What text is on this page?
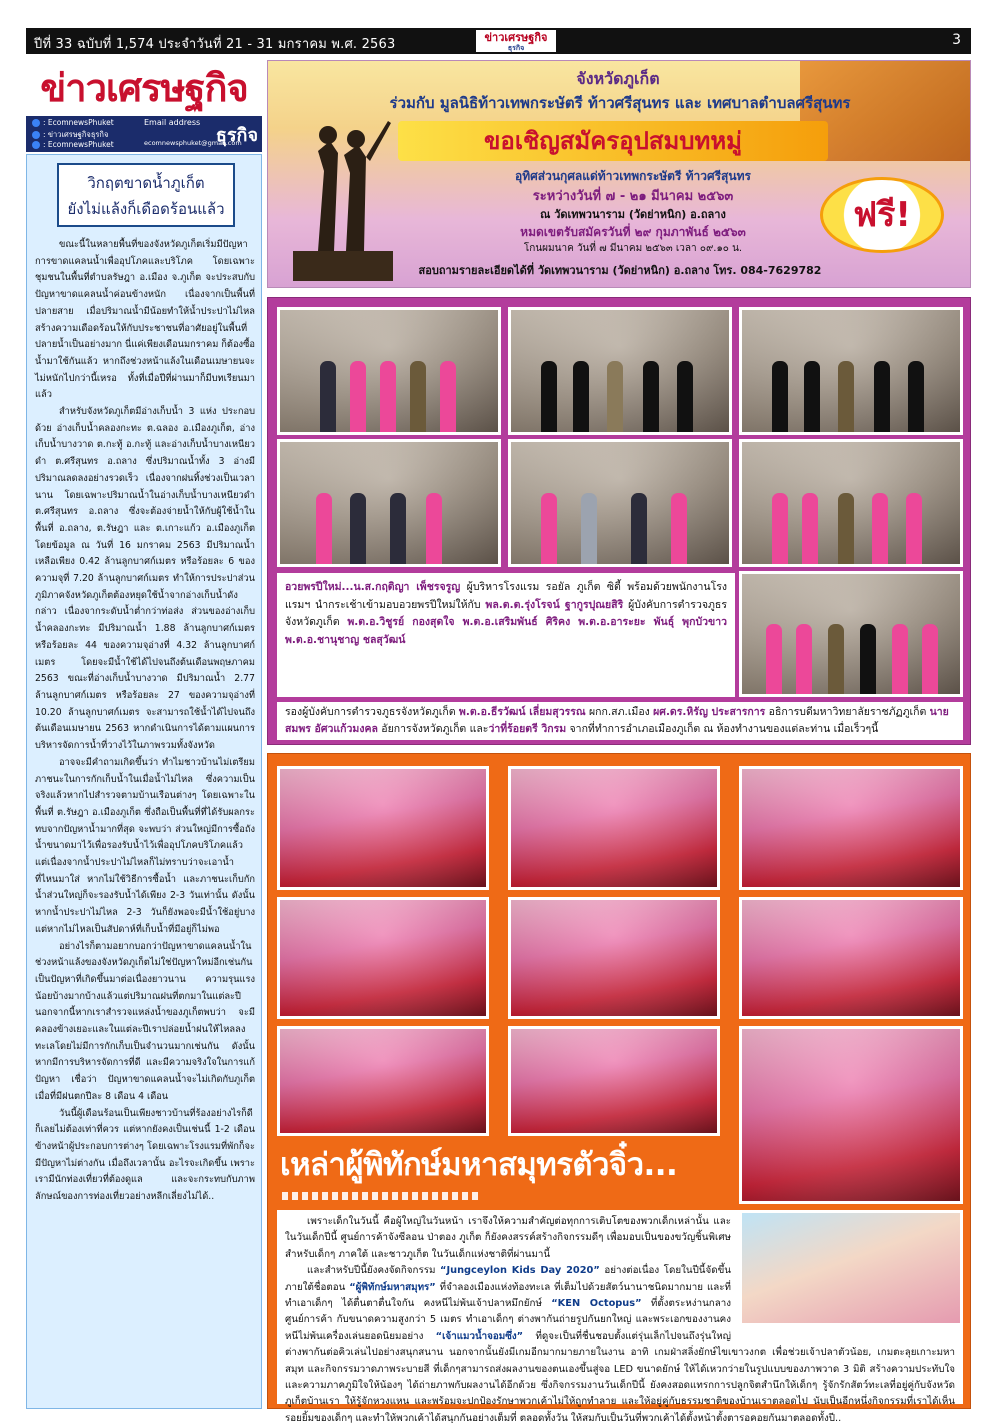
ปีที่ 33 ฉบับที่ 1,574 ประจำวันที่ 21 - 31 มกราคม พ.ศ. 2563	ข่าวเศรษฐกิจ
ธุรกิจ	3
ข่าวเศรษฐกิจ
: EcomnewsPhuket
: ข่าวเศรษฐกิจธุรกิจ
: EcomnewsPhuket
Email address
ecomnewsphuket@gmail.com
ธุรกิจ
วิกฤตขาดน้ำภูเก็ต
ยังไม่แล้งก็เดือดร้อนแล้ว

ขณะนี้ในหลายพื้นที่ของจังหวัดภูเก็ตเริ่มมีปัญหาการขาดแคลนน้ำเพื่ออุปโภคและบริโภค โดยเฉพาะชุมชนในพื้นที่ตำบลรัษฎา อ.เมือง จ.ภูเก็ต จะประสบกับปัญหาขาดแคลนน้ำค่อนข้างหนัก เนื่องจากเป็นพื้นที่ปลายสาย เมื่อปริมาณน้ำมีน้อยทำให้น้ำประปาไม่ไหล สร้างความเดือดร้อนให้กับประชาชนที่อาศัยอยู่ในพื้นที่ปลายน้ำเป็นอย่างมาก นี่แค่เพียงเดือนมกราคม ก็ต้องซื้อน้ำมาใช้กันแล้ว หากถึงช่วงหน้าแล้งในเดือนเมษายนจะไม่หนักไปกว่านี้เหรอ ทั้งที่เมื่อปีที่ผ่านมาก็มีบทเรียนมาแล้ว

สำหรับจังหวัดภูเก็ตมีอ่างเก็บน้ำ 3 แห่ง ประกอบด้วย อ่างเก็บน้ำคลองกะทะ ต.ฉลอง อ.เมืองภูเก็ต, อ่างเก็บน้ำบางวาด ต.กะทู้ อ.กะทู้ และอ่างเก็บน้ำบางเหนียวดำ ต.ศรีสุนทร อ.ถลาง ซึ่งปริมาณน้ำทั้ง 3 อ่างมีปริมาณลดลงอย่างรวดเร็ว เนื่องจากฝนทิ้งช่วงเป็นเวลานาน โดยเฉพาะปริมาณน้ำในอ่างเก็บน้ำบางเหนียวดำ ต.ศรีสุนทร อ.ถลาง ซึ่งจะต้องจ่ายน้ำให้กับผู้ใช้น้ำในพื้นที่ อ.ถลาง, ต.รัษฎา และ ต.เกาะแก้ว อ.เมืองภูเก็ต โดยข้อมูล ณ วันที่ 16 มกราคม 2563 มีปริมาณน้ำเหลือเพียง 0.42 ล้านลูกบาศก์เมตร หรือร้อยละ 6 ของความจุที่ 7.20 ล้านลูกบาศก์เมตร ทำให้การประปาส่วนภูมิภาคจังหวัดภูเก็ตต้องหยุดใช้น้ำจากอ่างเก็บน้ำดังกล่าว เนื่องจากระดับน้ำต่ำกว่าท่อส่ง ส่วนของอ่างเก็บน้ำคลองกะทะ มีปริมาณน้ำ 1.88 ล้านลูกบาศก์เมตร หรือร้อยละ 44 ของความจุอ่างที่ 4.32 ล้านลูกบาศก์เมตร โดยจะมีน้ำใช้ได้ไปจนถึงต้นเดือนพฤษภาคม 2563 ขณะที่อ่างเก็บน้ำบางวาด มีปริมาณน้ำ 2.77 ล้านลูกบาศก์เมตร หรือร้อยละ 27 ของความจุอ่างที่ 10.20 ล้านลูกบาศก์เมตร จะสามารถใช้น้ำได้ไปจนถึงต้นเดือนเมษายน 2563 หากดำเนินการได้ตามแผนการบริหารจัดการน้ำที่วางไว้ในภาพรวมทั้งจังหวัด

อาจจะมีคำถามเกิดขึ้นว่า ทำไมชาวบ้านไม่เตรียมภาชนะในการกักเก็บน้ำในเมื่อน้ำไม่ไหล ซึ่งความเป็นจริงแล้วหากไปสำรวจตามบ้านเรือนต่างๆ โดยเฉพาะในพื้นที่ ต.รัษฎา อ.เมืองภูเก็ต ซึ่งถือเป็นพื้นที่ที่ได้รับผลกระทบจากปัญหาน้ำมากที่สุด จะพบว่า ส่วนใหญ่มีการซื้อถังน้ำขนาดมาไว้เพื่อรองรับน้ำไว้เพื่ออุปโภคบริโภคแล้ว แต่เนื่องจากน้ำประปาไม่ไหลก็ไม่ทราบว่าจะเอาน้ำที่ไหนมาใส่ หากไม่ใช้วิธีการซื้อน้ำ และภาชนะเก็บกักน้ำส่วนใหญ่ก็จะรองรับน้ำได้เพียง 2-3 วันเท่านั้น ดังนั้นหากน้ำประปาไม่ไหล 2-3 วันก็ยังพอจะมีน้ำใช้อยู่บาง แต่หากไม่ไหลเป็นสัปดาห์ที่เก็บน้ำที่มีอยู่ก็ไม่พอ

อย่างไรก็ตามอยากบอกว่าปัญหาขาดแคลนน้ำในช่วงหน้าแล้งของจังหวัดภูเก็ตไม่ใช่ปัญหาใหม่อีกเช่นกัน เป็นปัญหาที่เกิดขึ้นมาต่อเนื่องยาวนาน ความรุนแรงน้อยบ้างมากบ้างแล้วแต่ปริมาณฝนที่ตกมาในแต่ละปี นอกจากนี้หากเราสำรวจแหล่งน้ำของภูเก็ตพบว่า จะมีคลองข้างเยอะและในแต่ละปีเราปล่อยน้ำฝนให้ไหลลงทะเลโดยไม่มีการกักเก็บเป็นจำนวนมากเช่นกัน ดังนั้นหากมีการบริหารจัดการที่ดี และมีความจริงใจในการแก้ปัญหา เชื่อว่า ปัญหาขาดแคลนน้ำจะไม่เกิดกับภูเก็ต เมื่อที่มีฝนตกปีละ 8 เดือน 4 เดือน

วันนี้ผู้เดือนร้อนเป็นเพียงชาวบ้านที่ร้องอย่างไรก็ดีก็เลยไม่ต้องเท่าที่ควร แต่หากยังคงเป็นเช่นนี้ 1-2 เดือนข้างหน้าผู้ประกอบการต่างๆ โดยเฉพาะโรงแรมที่พักก็จะมีปัญหาไม่ต่างกัน เมื่อถึงเวลานั้น อะไรจะเกิดขึ้น เพราะเรามีนักท่องเที่ยวที่ต้องดูแล และจะกระทบกับภาพลักษณ์ของการท่องเที่ยวอย่างหลีกเลี่ยงไม่ได้..

จังหวัดภูเก็ต
ร่วมกับ มูลนิธิท้าวเทพกระษัตรี ท้าวศรีสุนทร และ เทศบาลตำบลศรีสุนทร
ขอเชิญสมัครอุปสมบทหมู่
อุทิศส่วนกุศลแด่ท้าวเทพกระษัตรี ท้าวศรีสุนทร
ระหว่างวันที่ ๗ - ๒๑ มีนาคม ๒๕๖๓
ณ วัดเทพวนาราม (วัดย่าหนิก) อ.ถลาง
หมดเขตรับสมัครวันที่ ๒๙ กุมภาพันธ์ ๒๕๖๓
โกนผมนาค วันที่ ๗ มีนาคม ๒๕๖๓ เวลา ๐๙.๑๐ น.
ฟรี!
สอบถามรายละเอียดได้ที่ วัดเทพวนาราม (วัดย่าหนิก) อ.ถลาง โทร. 084-7629782
อวยพรปีใหม่...น.ส.กฤติญา เพ็ชรจรูญ ผู้บริหารโรงแรม รอยัล ภูเก็ต ซิตี้ พร้อมด้วยพนักงานโรงแรมฯ นำกระเช้าเข้ามอบอวยพรปีใหม่ให้กับ พล.ต.ต.รุ่งโรจน์ ฐากูรปุณยสิริ ผู้บังคับการตำรวจภูธรจังหวัดภูเก็ต พ.ต.อ.วิชูรย์ กองสุดใจ พ.ต.อ.เสริมพันธ์ ศิริคง พ.ต.อ.อาระยะ พันธุ์ พุกบัวขาว พ.ต.อ.ชานุชาญ ชลสุวัฒน์
รองผู้บังคับการตำรวจภูธรจังหวัดภูเก็ต พ.ต.อ.ธีรวัฒน์ เลี่ยมสุวรรณ ผกก.สภ.เมือง ผศ.ดร.หิรัญ ประสารการ อธิการบดีมหาวิทยาลัยราชภัฏภูเก็ต นายสมพร อัศวแก้วมงคล อัยการจังหวัดภูเก็ต และว่าที่ร้อยตรี วิกรม จากที่ทำการอำเภอเมืองภูเก็ต ณ ห้องทำงานของแต่ละท่าน เมื่อเร็วๆนี้
เหล่าผู้พิทักษ์มหาสมุทรตัวจิ๋ว...

เพราะเด็กในวันนี้ คือผู้ใหญ่ในวันหน้า เราจึงให้ความสำคัญต่อทุกการเติบโตของพวกเด็กเหล่านั้น และในวันเด็กปีนี้ ศูนย์การค้าจังซีลอน ป่าตอง ภูเก็ต ก็ยังคงสรรค์สร้างกิจกรรมดีๆ เพื่อมอบเป็นของขวัญชิ้นพิเศษ สำหรับเด็กๆ ภาคใต้ และชาวภูเก็ต ในวันเด็กแห่งชาติที่ผ่านมานี้

และสำหรับปีนี้ยังคงจัดกิจกรรม “Jungceylon Kids Day 2020” อย่างต่อเนื่อง โดยในปีนี้จัดขึ้นภายใต้ชื่อตอน “ผู้พิทักษ์มหาสมุทร” ที่จำลองเมืองแห่งท้องทะเล ที่เต็มไปด้วยสัตว์นานาชนิดมากมาย และที่ทำเอาเด็กๆ ได้ตื่นตาตื่นใจกัน คงหนีไม่พ้นเจ้าปลาหมึกยักษ์ “KEN Octopus” ที่ตั้งตระหง่านกลางศูนย์การค้า กับขนาดความสูงกว่า 5 เมตร ทำเอาเด็กๆ ต่างพากันถ่ายรูปกันยกใหญ่ และพระเอกของงานคงหนีไม่พ้นเครื่องเล่นยอดนิยมอย่าง “เจ้าแมวน้ำจอมซึ่ง” ที่ดูจะเป็นที่ชื่นชอบตั้งแต่รุ่นเล็กไปจนถึงรุ่นใหญ่ ต่างพากันต่อคิวเล่นไปอย่างสนุกสนาน นอกจากนั้นยังมีเกมอีกมากมายภายในงาน อาทิ เกมฝ่าสลิ่งยักษ์ไขเขาวงกต เพื่อช่วยเจ้าปลาตัวน้อย, เกมตะลุยเกาะมหาสมุท และกิจกรรมวาดภาพระบายสี ที่เด็กๆสามารถส่งผลงานของตนเองขึ้นสู่จอ LED ขนาดยักษ์ ให้ได้เหวกว่ายในรูปแบบของภาพวาด 3 มิติ สร้างความประทับใจ และความภาคภูมิใจให้น้องๆ ได้ถ่ายภาพกับผลงานได้อีกด้วย ซึ่งกิจกรรมงานวันเด็กปีนี้ ยังคงสอดแทรกการปลูกจิตสำนึกให้เด็กๆ รู้จักรักสัตว์ทะเลที่อยู่คู่กับจังหวัดภูเก็ตบ้านเรา ให้รู้จักหวงแหน และพร้อมจะปกป้องรักษาพวกเค้าไม่ให้ถูกทำลาย และให้อยู่คู่กับธรรมชาติของบ้านเราตลอดไป นับเป็นอีกหนึ่งกิจกรรมที่เราได้เห็นรอยยิ้มของเด็กๆ และทำให้พวกเค้าได้สนุกกันอย่างเต็มที่ ตลอดทั้งวัน ให้สมกับเป็นวันที่พวกเค้าได้ตั้งหน้าตั้งตารอคอยกันมาตลอดทั้งปี..
